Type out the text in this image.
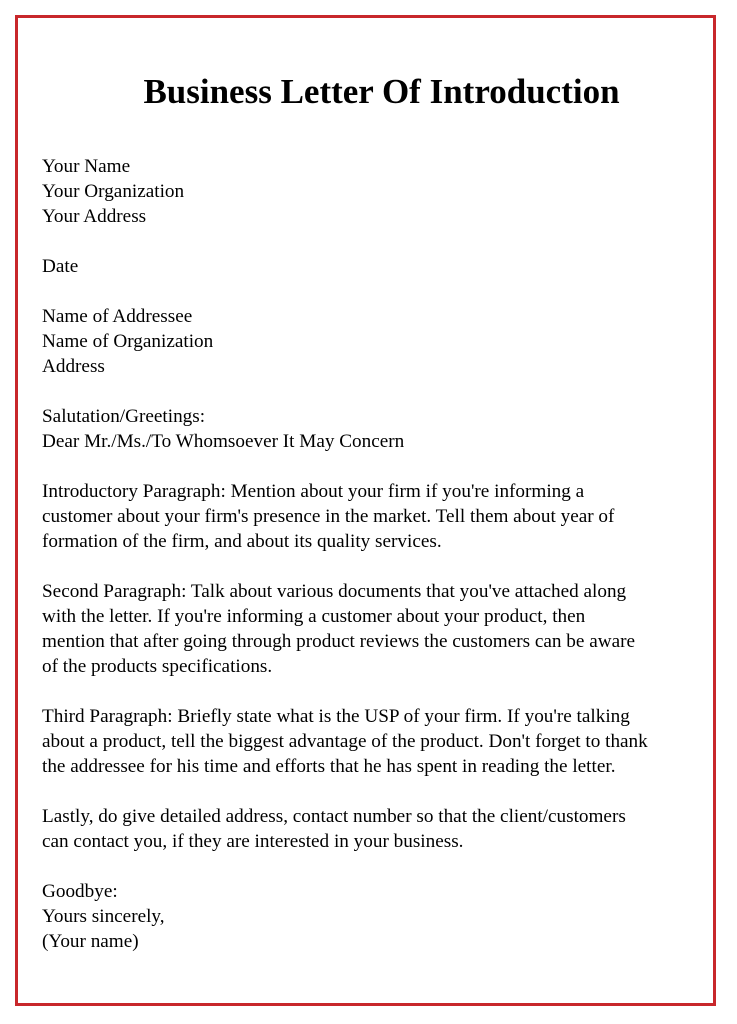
Business Letter Of Introduction
Your Name
Your Organization
Your Address
Date
Name of Addressee
Name of Organization
Address
Salutation/Greetings:
Dear Mr./Ms./To Whomsoever It May Concern
Introductory Paragraph: Mention about your firm if you're informing a
customer about your firm's presence in the market. Tell them about year of
formation of the firm, and about its quality services.
Second Paragraph: Talk about various documents that you've attached along
with the letter. If you're informing a customer about your product, then
mention that after going through product reviews the customers can be aware
of the products specifications.
Third Paragraph: Briefly state what is the USP of your firm. If you're talking
about a product, tell the biggest advantage of the product. Don't forget to thank
the addressee for his time and efforts that he has spent in reading the letter.
Lastly, do give detailed address, contact number so that the client/customers
can contact you, if they are interested in your business.
Goodbye:
Yours sincerely,
(Your name)
